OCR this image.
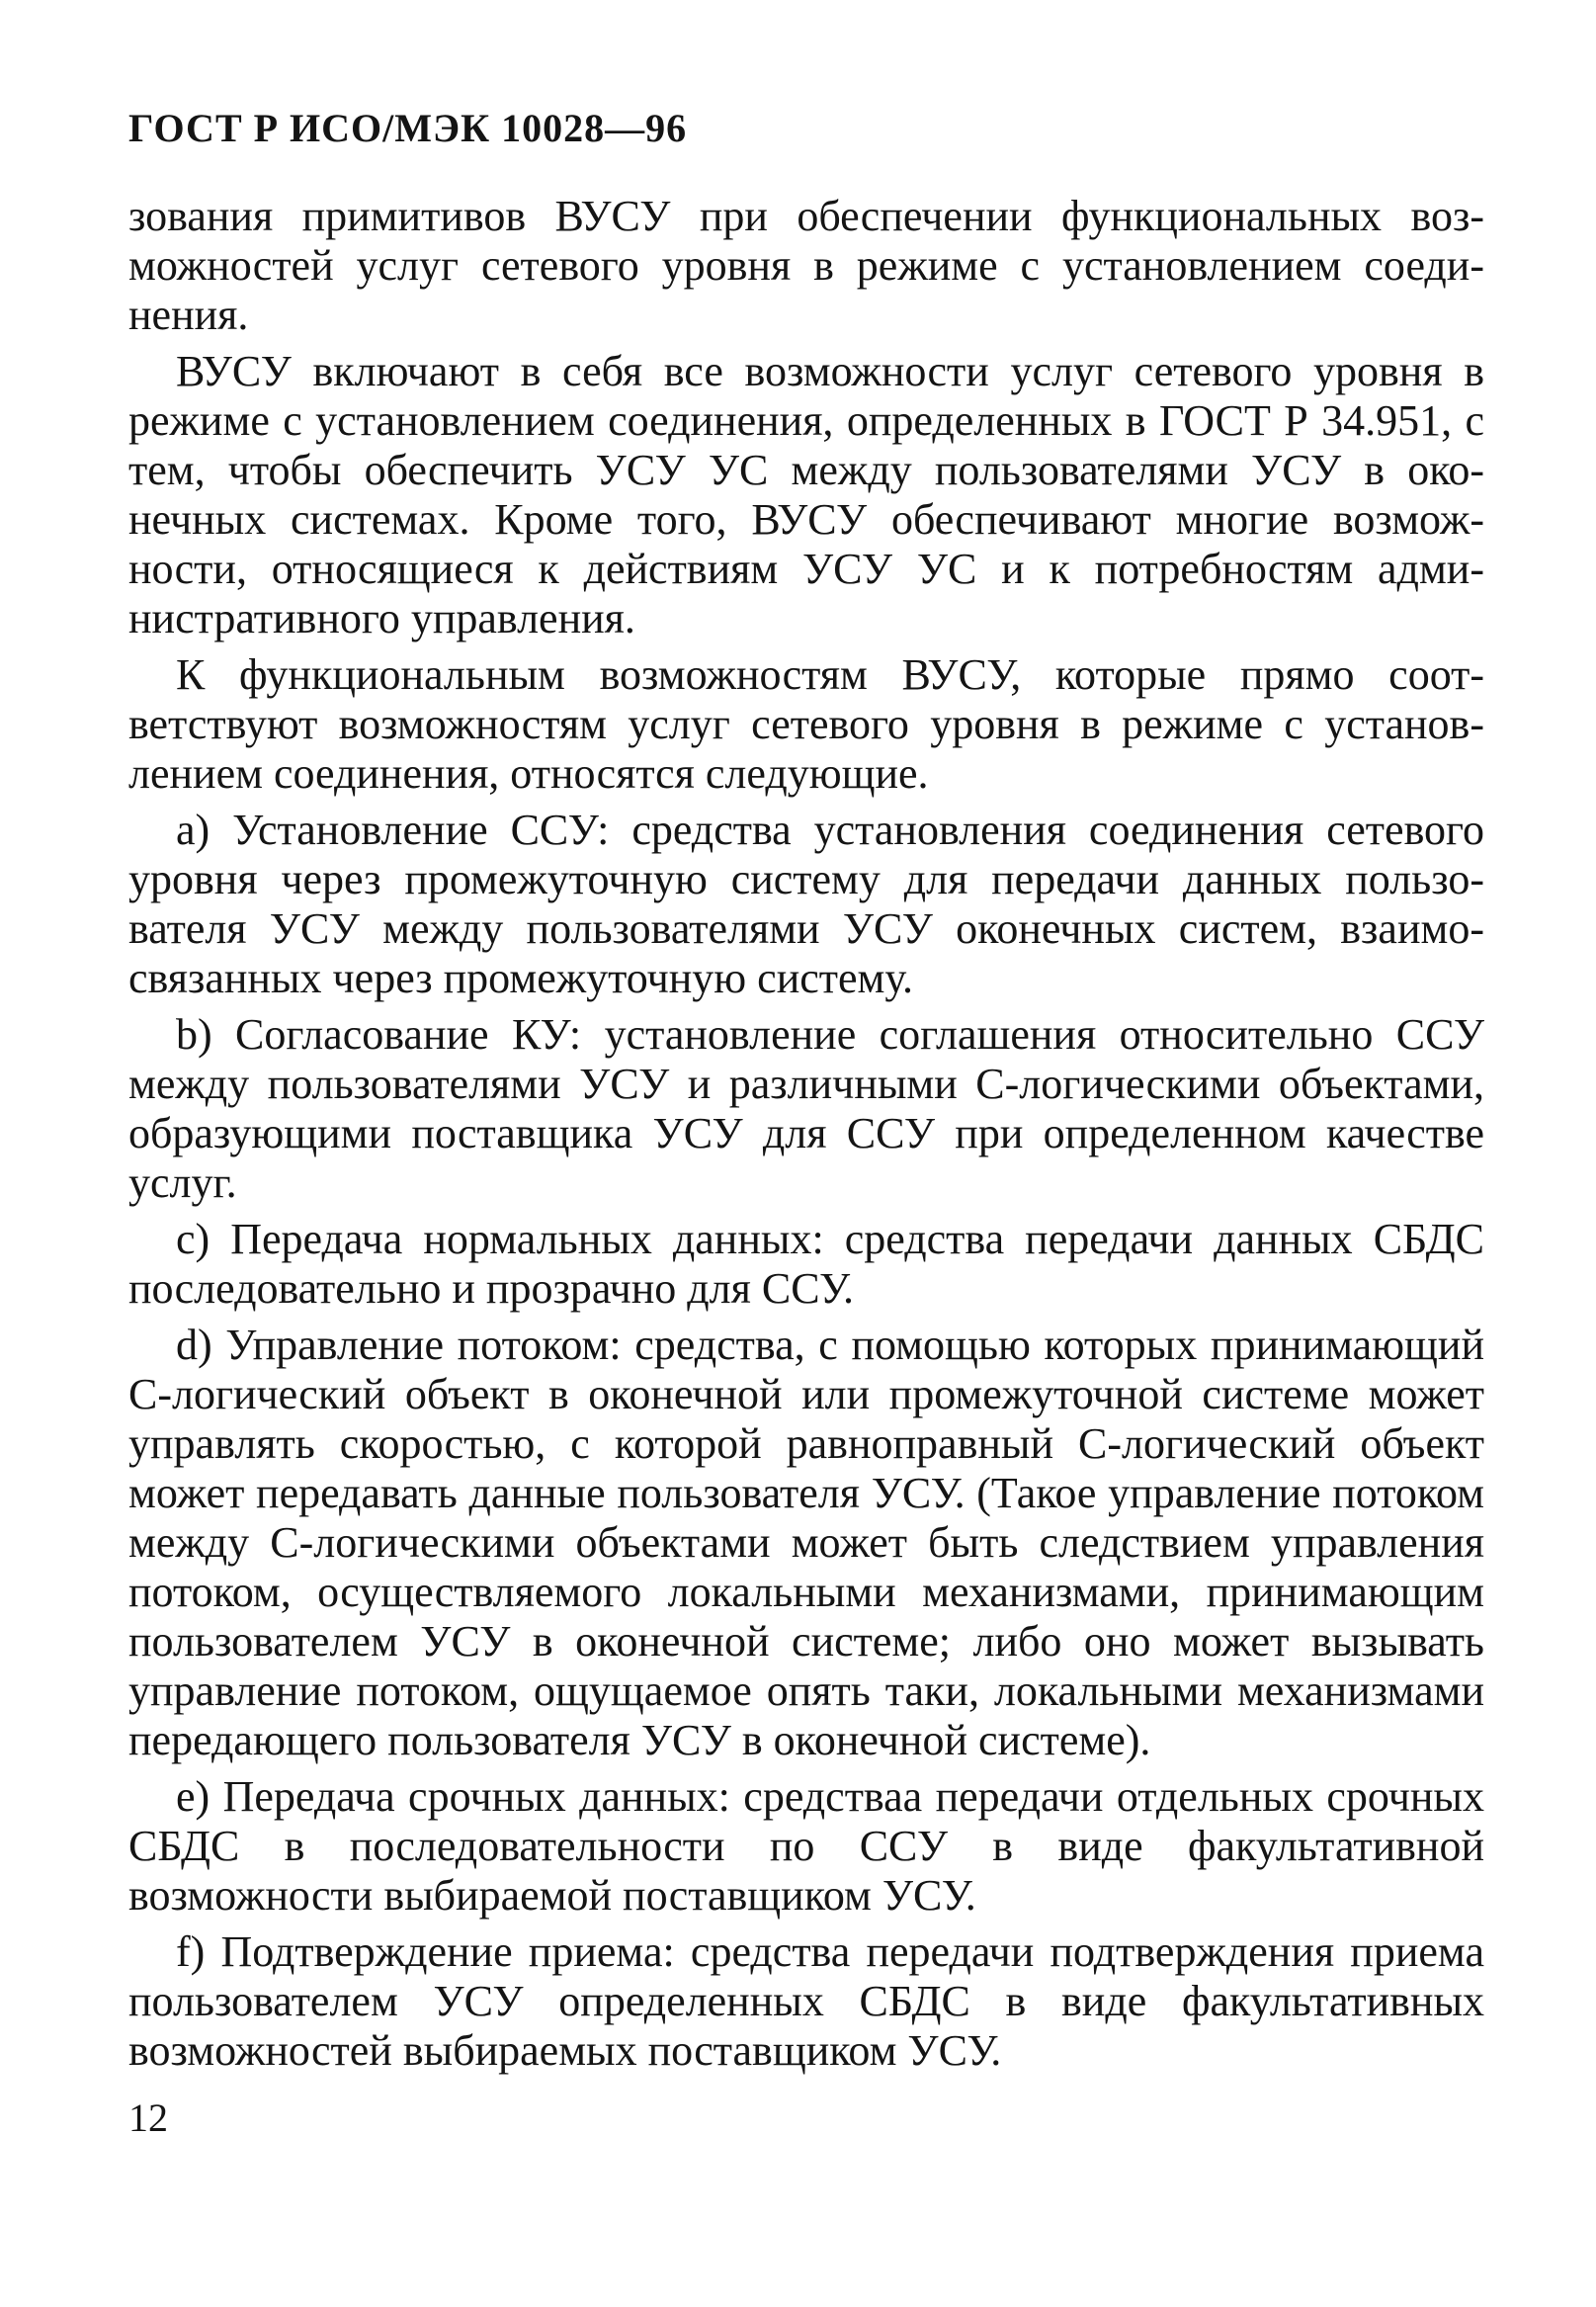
ГОСТ Р ИСО/МЭК 10028—96

зования примитивов ВУСУ при обеспечении функциональных возможностей услуг сетевого уровня в режиме с установлением соединения.

ВУСУ включают в себя все возможности услуг сетевого уровня в режиме с установлением соединения, определенных в ГОСТ Р 34.951, с тем, чтобы обеспечить УСУ УС между пользователями УСУ в оконечных системах. Кроме того, ВУСУ обеспечивают многие возможности, относящиеся к действиям УСУ УС и к потребностям административного управления.

К функциональным возможностям ВУСУ, которые прямо соответствуют возможностям услуг сетевого уровня в режиме с установлением соединения, относятся следующие.

а) Установление ССУ: средства установления соединения сетевого уровня через промежуточную систему для передачи данных пользователя УСУ между пользователями УСУ оконечных систем, взаимосвязанных через промежуточную систему.

b) Согласование КУ: установление соглашения относительно ССУ между пользователями УСУ и различными С-логическими объектами, образующими поставщика УСУ для ССУ при определенном качестве услуг.

с) Передача нормальных данных: средства передачи данных СБДС последовательно и прозрачно для ССУ.

d) Управление потоком: средства, с помощью которых принимающий С-логический объект в оконечной или промежуточной системе может управлять скоростью, с которой равноправный С-логический объект может передавать данные пользователя УСУ. (Такое управление потоком между С-логическими объектами может быть следствием управления потоком, осуществляемого локальными механизмами, принимающим пользователем УСУ в оконечной системе; либо оно может вызывать управление потоком, ощущаемое опять таки, локальными механизмами передающего пользователя УСУ в оконечной системе).

е) Передача срочных данных: средстваа передачи отдельных срочных СБДС в последовательности по ССУ в виде факультативной возможности выбираемой поставщиком УСУ.

f) Подтверждение приема: средства передачи подтверждения приема пользователем УСУ определенных СБДС в виде факультативных возможностей выбираемых поставщиком УСУ.

12
